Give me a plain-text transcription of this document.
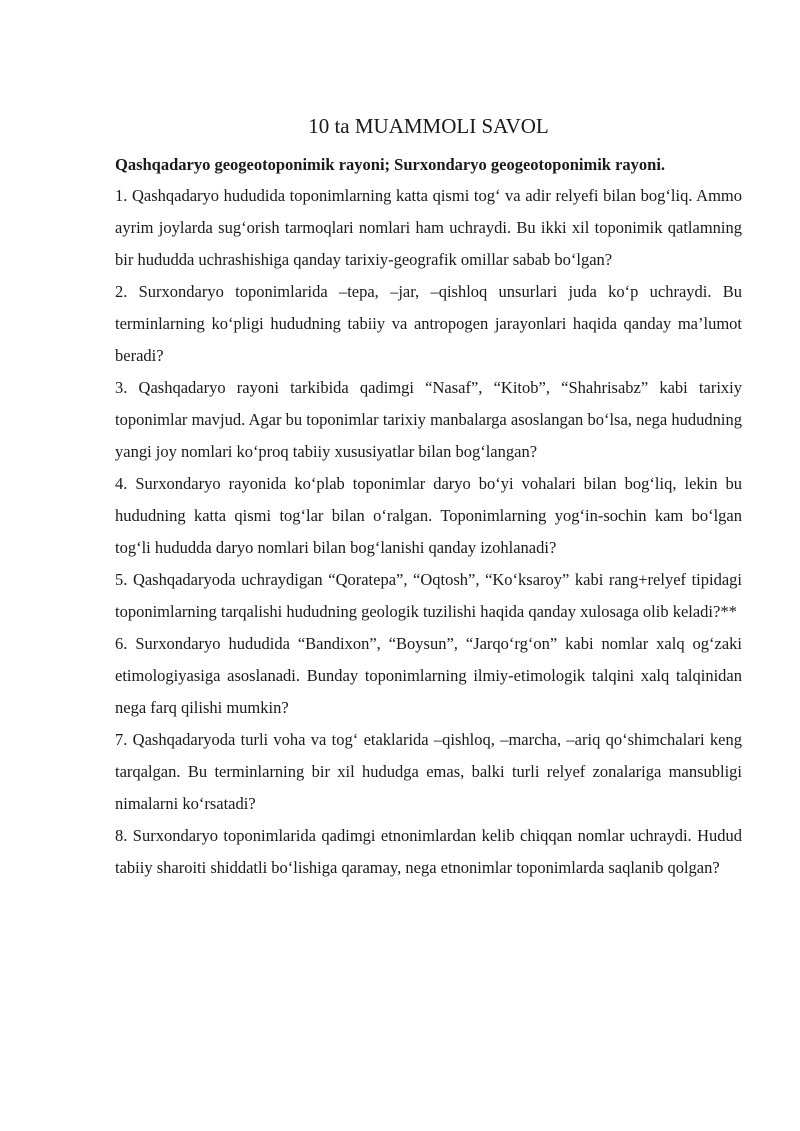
10 ta MUAMMOLI SAVOL

Qashqadaryo geogeotoponimik rayoni; Surxondaryo geogeotoponimik rayoni.

1. Qashqadaryo hududida toponimlarning katta qismi tog‘ va adir relyefi bilan bog‘liq. Ammo ayrim joylarda sug‘orish tarmoqlari nomlari ham uchraydi. Bu ikki xil toponimik qatlamning bir hududda uchrashishiga qanday tarixiy-geografik omillar sabab bo‘lgan?

2. Surxondaryo toponimlarida –tepa, –jar, –qishloq unsurlari juda ko‘p uchraydi. Bu terminlarning ko‘pligi hududning tabiiy va antropogen jarayonlari haqida qanday ma’lumot beradi?

3. Qashqadaryo rayoni tarkibida qadimgi “Nasaf”, “Kitob”, “Shahrisabz” kabi tarixiy toponimlar mavjud. Agar bu toponimlar tarixiy manbalarga asoslangan bo‘lsa, nega hududning yangi joy nomlari ko‘proq tabiiy xususiyatlar bilan bog‘langan?

4. Surxondaryo rayonida ko‘plab toponimlar daryo bo‘yi vohalari bilan bog‘liq, lekin bu hududning katta qismi tog‘lar bilan o‘ralgan. Toponimlarning yog‘in-sochin kam bo‘lgan tog‘li hududda daryo nomlari bilan bog‘lanishi qanday izohlanadi?

5. Qashqadaryoda uchraydigan “Qoratepa”, “Oqtosh”, “Ko‘ksaroy” kabi rang+relyef tipidagi toponimlarning tarqalishi hududning geologik tuzilishi haqida qanday xulosaga olib keladi?**

6. Surxondaryo hududida “Bandixon”, “Boysun”, “Jarqo‘rg‘on” kabi nomlar xalq og‘zaki etimologiyasiga asoslanadi. Bunday toponimlarning ilmiy-etimologik talqini xalq talqinidan nega farq qilishi mumkin?

7. Qashqadaryoda turli voha va tog‘ etaklarida –qishloq, –marcha, –ariq qo‘shimchalari keng tarqalgan. Bu terminlarning bir xil hududga emas, balki turli relyef zonalariga mansubligi nimalarni ko‘rsatadi?

8. Surxondaryo toponimlarida qadimgi etnonimlardan kelib chiqqan nomlar uchraydi. Hudud tabiiy sharoiti shiddatli bo‘lishiga qaramay, nega etnonimlar toponimlarda saqlanib qolgan?
